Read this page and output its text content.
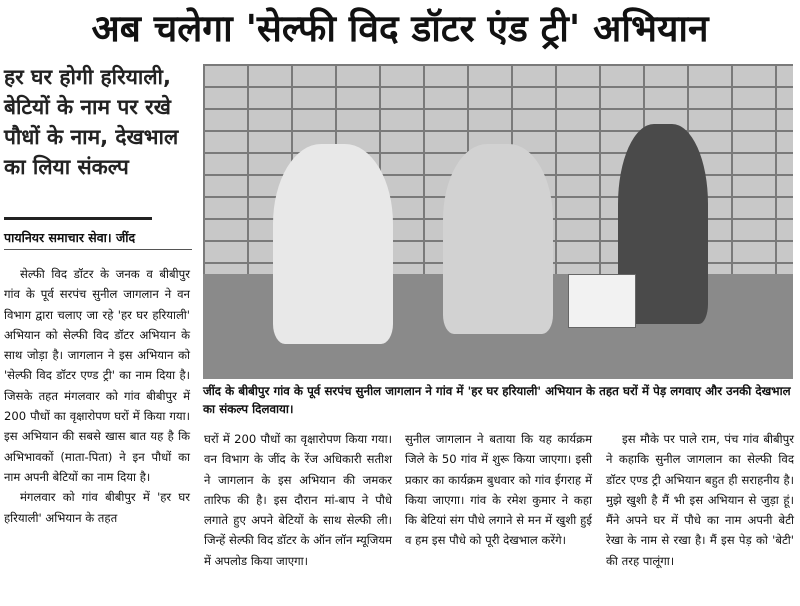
अब चलेगा 'सेल्फी विद डॉटर एंड ट्री' अभियान
हर घर होगी हरियाली, बेटियों के नाम पर रखे पौधों के नाम, देखभाल का लिया संकल्प
पायनियर समाचार सेवा। जींद

सेल्फी विद डॉटर के जनक व बीबीपुर गांव के पूर्व सरपंच सुनील जागलान ने वन विभाग द्वारा चलाए जा रहे 'हर घर हरियाली' अभियान को सेल्फी विद डॉटर अभियान के साथ जोड़ा है। जागलान ने इस अभियान को 'सेल्फी विद डॉटर एण्ड ट्री' का नाम दिया है। जिसके तहत मंगलवार को गांव बीबीपुर में 200 पौधों का वृक्षारोपण घरों में किया गया। इस अभियान की सबसे खास बात यह है कि अभिभावकों (माता-पिता) ने इन पौधों का नाम अपनी बेटियों का नाम दिया है।

मंगलवार को गांव बीबीपुर में 'हर घर हरियाली' अभियान के तहत

जींद के बीबीपुर गांव के पूर्व सरपंच सुनील जागलान ने गांव में 'हर घर हरियाली' अभियान के तहत घरों में पेड़ लगवाए और उनकी देखभाल का संकल्प दिलवाया।

घरों में 200 पौधों का वृक्षारोपण किया गया। वन विभाग के जींद के रेंज अधिकारी सतीश ने जागलान के इस अभियान की जमकर तारिफ की है। इस दौरान मां-बाप ने पौधे लगाते हुए अपने बेटियों के साथ सेल्फी ली। जिन्हें सेल्फी विद डॉटर के ऑन लॉन म्यूजियम में अपलोड किया जाएगा।

सुनील जागलान ने बताया कि यह कार्यक्रम जिले के 50 गांव में शुरू किया जाएगा। इसी प्रकार का कार्यक्रम बुधवार को गांव ईगराह में किया जाएगा। गांव के रमेश कुमार ने कहा कि बेटियां संग पौधे लगाने से मन में खुशी हुई व हम इस पौधे को पूरी देखभाल करेंगे।

इस मौके पर पाले राम, पंच गांव बीबीपुर ने कहाकि सुनील जागलान का सेल्फी विद डॉटर एण्ड ट्री अभियान बहुत ही सराहनीय है। मुझे खुशी है मैं भी इस अभियान से जुड़ा हूं। मैंने अपने घर में पौधे का नाम अपनी बेटी रेखा के नाम से रखा है। मैं इस पेड़ को 'बेटी' की तरह पालूंगा।
